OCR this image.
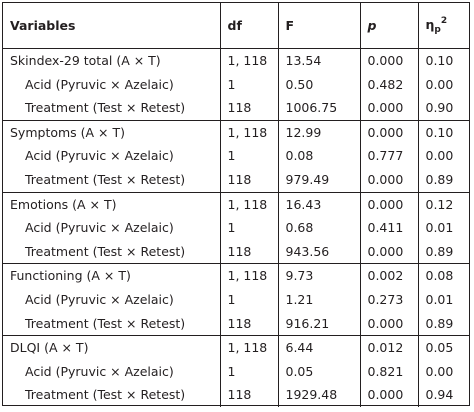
Variables	df	F	p	$\eta_p^2$
Skindex-29 total (A × T)	1, 118	13.54	0.000	0.10
Acid (Pyruvic × Azelaic)	1	0.50	0.482	0.00
Treatment (Test × Retest)	118	1006.75	0.000	0.90
Symptoms (A × T)	1, 118	12.99	0.000	0.10
Acid (Pyruvic × Azelaic)	1	0.08	0.777	0.00
Treatment (Test × Retest)	118	979.49	0.000	0.89
Emotions (A × T)	1, 118	16.43	0.000	0.12
Acid (Pyruvic × Azelaic)	1	0.68	0.411	0.01
Treatment (Test × Retest)	118	943.56	0.000	0.89
Functioning (A × T)	1, 118	9.73	0.002	0.08
Acid (Pyruvic × Azelaic)	1	1.21	0.273	0.01
Treatment (Test × Retest)	118	916.21	0.000	0.89
DLQI (A × T)	1, 118	6.44	0.012	0.05
Acid (Pyruvic × Azelaic)	1	0.05	0.821	0.00
Treatment (Test × Retest)	118	1929.48	0.000	0.94
